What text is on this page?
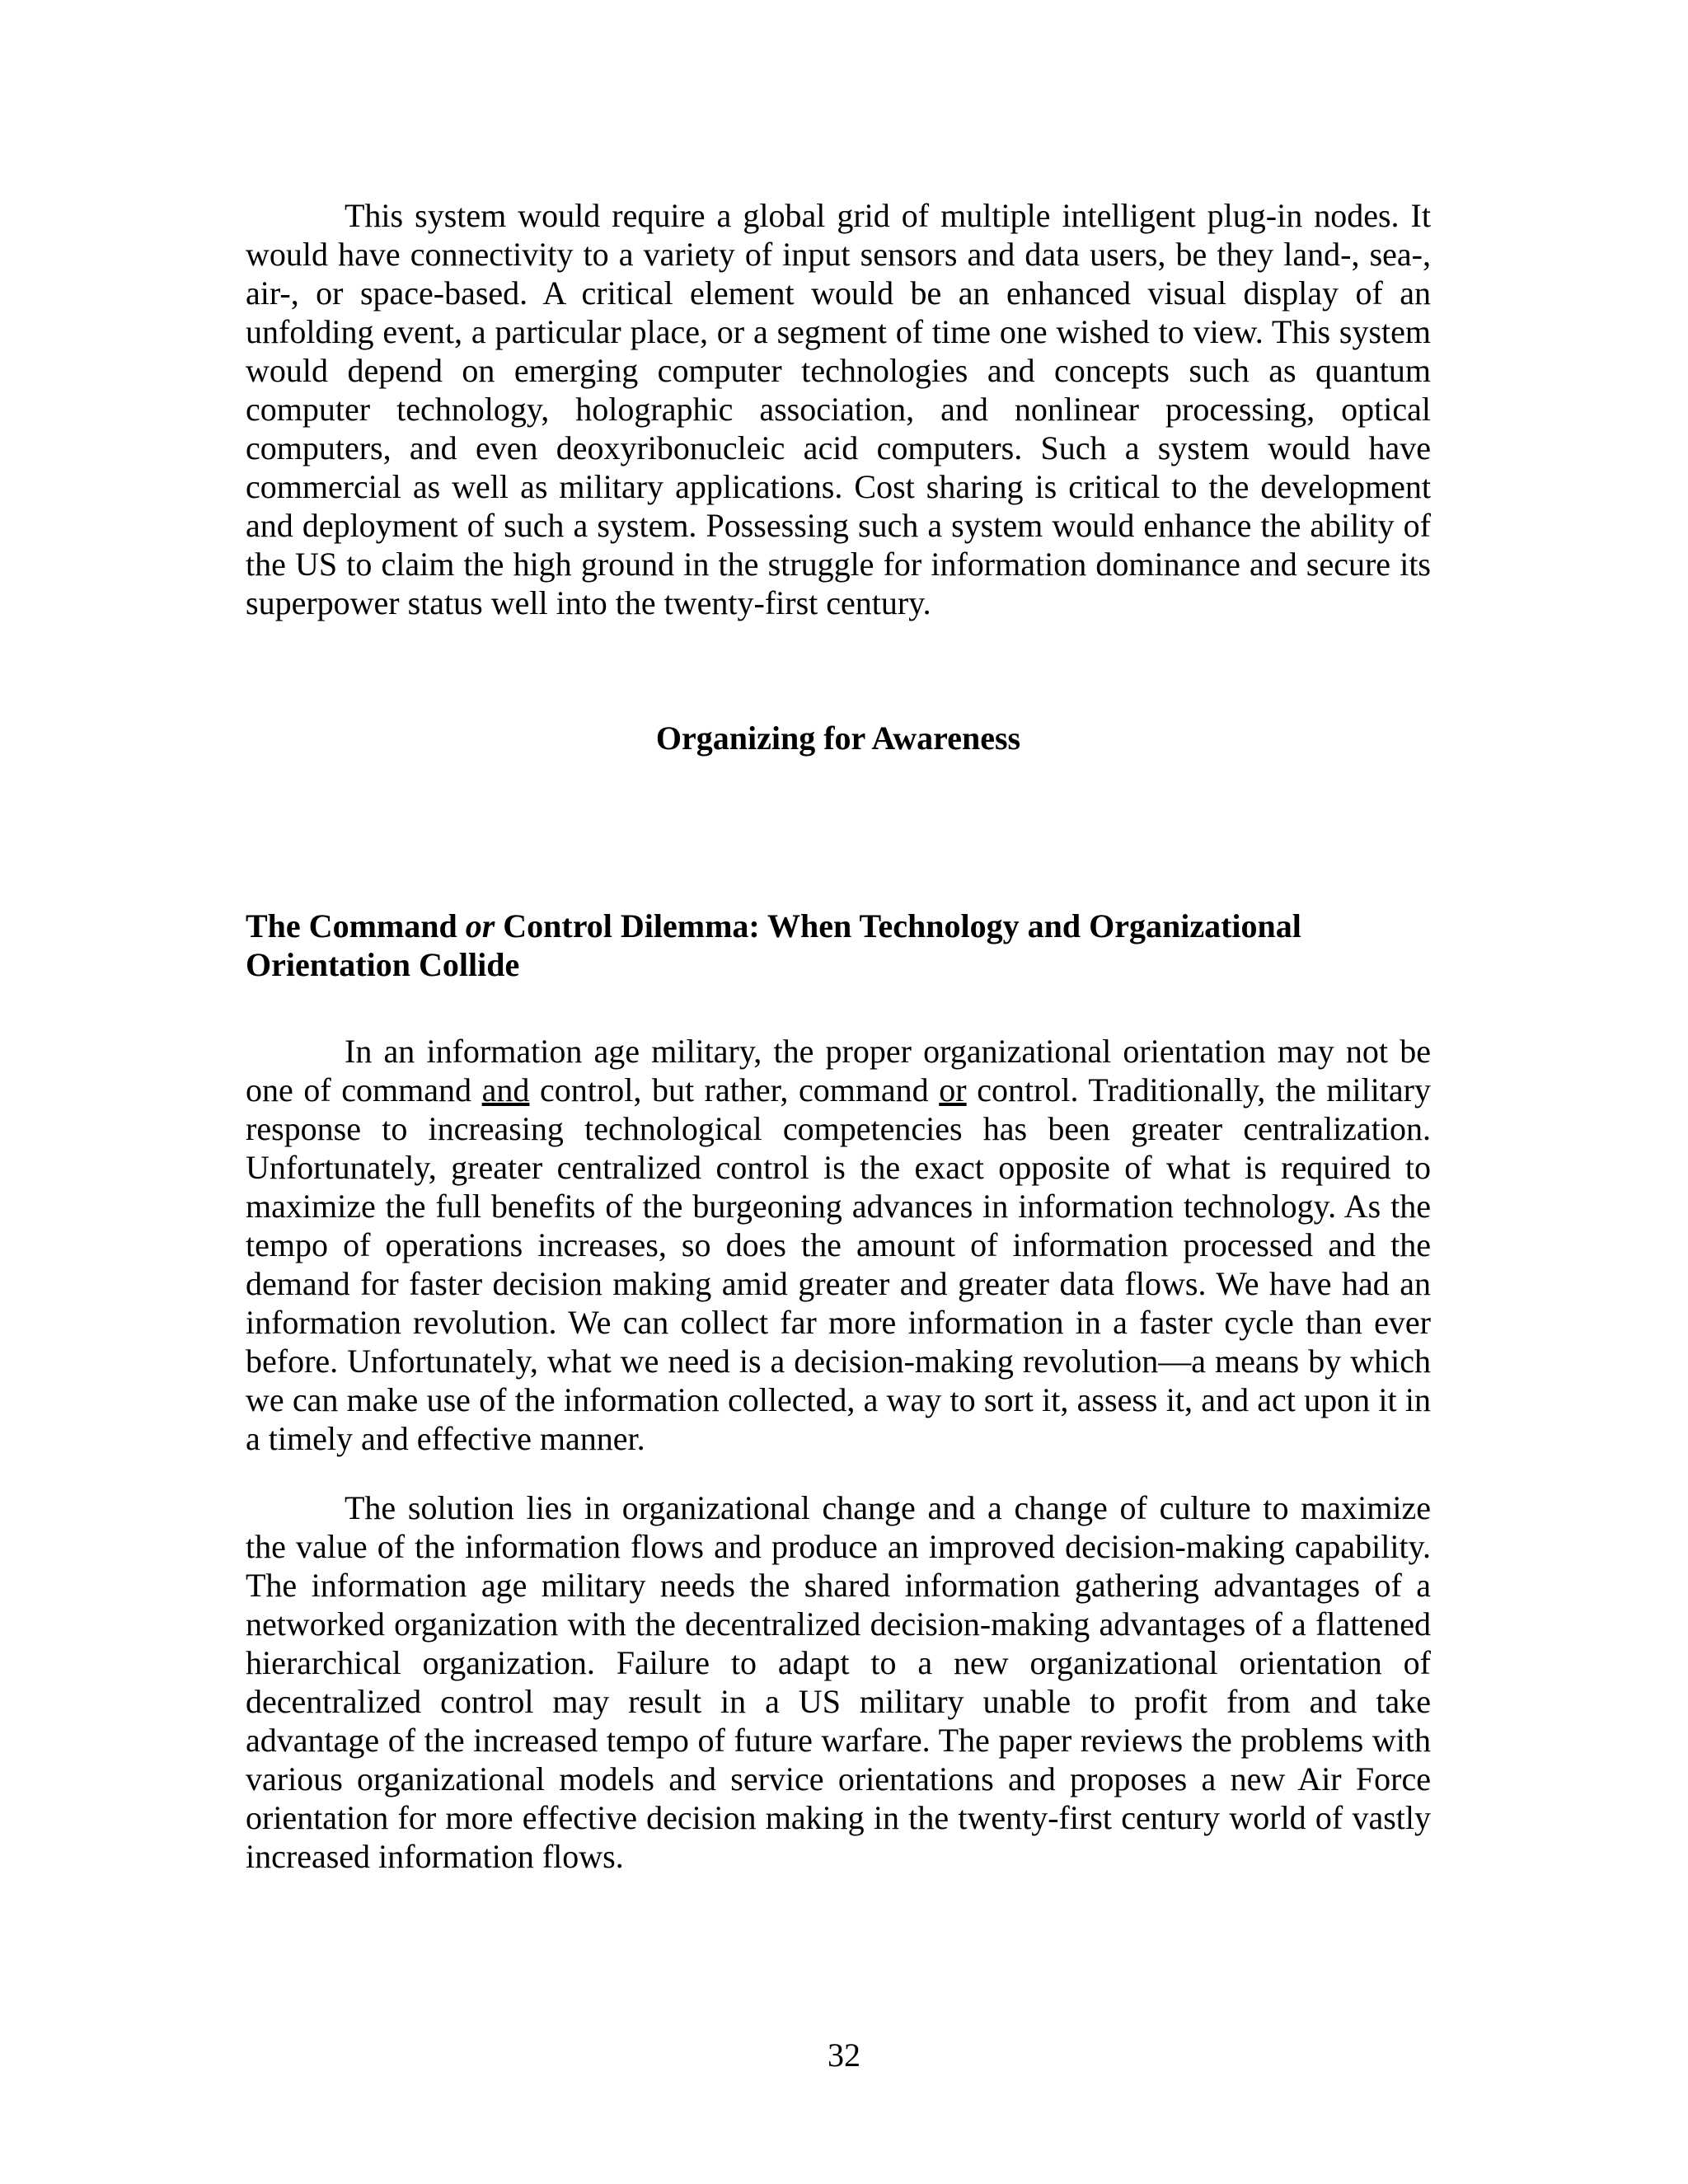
This system would require a global grid of multiple intelligent plug-in nodes. It would have connectivity to a variety of input sensors and data users, be they land-, sea-, air-, or space-based. A critical element would be an enhanced visual display of an unfolding event, a particular place, or a segment of time one wished to view. This system would depend on emerging computer technologies and concepts such as quantum computer technology, holographic association, and nonlinear processing, optical computers, and even deoxyribonucleic acid computers. Such a system would have commercial as well as military applications. Cost sharing is critical to the development and deployment of such a system. Possessing such a system would enhance the ability of the US to claim the high ground in the struggle for information dominance and secure its superpower status well into the twenty-first century.

Organizing for Awareness
The Command or Control Dilemma: When Technology and Organizational Orientation Collide

In an information age military, the proper organizational orientation may not be one of command and control, but rather, command or control. Traditionally, the military response to increasing technological competencies has been greater centralization. Unfortunately, greater centralized control is the exact opposite of what is required to maximize the full benefits of the burgeoning advances in information technology. As the tempo of operations increases, so does the amount of information processed and the demand for faster decision making amid greater and greater data flows. We have had an information revolution. We can collect far more information in a faster cycle than ever before. Unfortunately, what we need is a decision-making revolution—a means by which we can make use of the information collected, a way to sort it, assess it, and act upon it in a timely and effective manner.

The solution lies in organizational change and a change of culture to maximize the value of the information flows and produce an improved decision-making capability. The information age military needs the shared information gathering advantages of a networked organization with the decentralized decision-making advantages of a flattened hierarchical organization. Failure to adapt to a new organizational orientation of decentralized control may result in a US military unable to profit from and take advantage of the increased tempo of future warfare. The paper reviews the problems with various organizational models and service orientations and proposes a new Air Force orientation for more effective decision making in the twenty-first century world of vastly increased information flows.

32
